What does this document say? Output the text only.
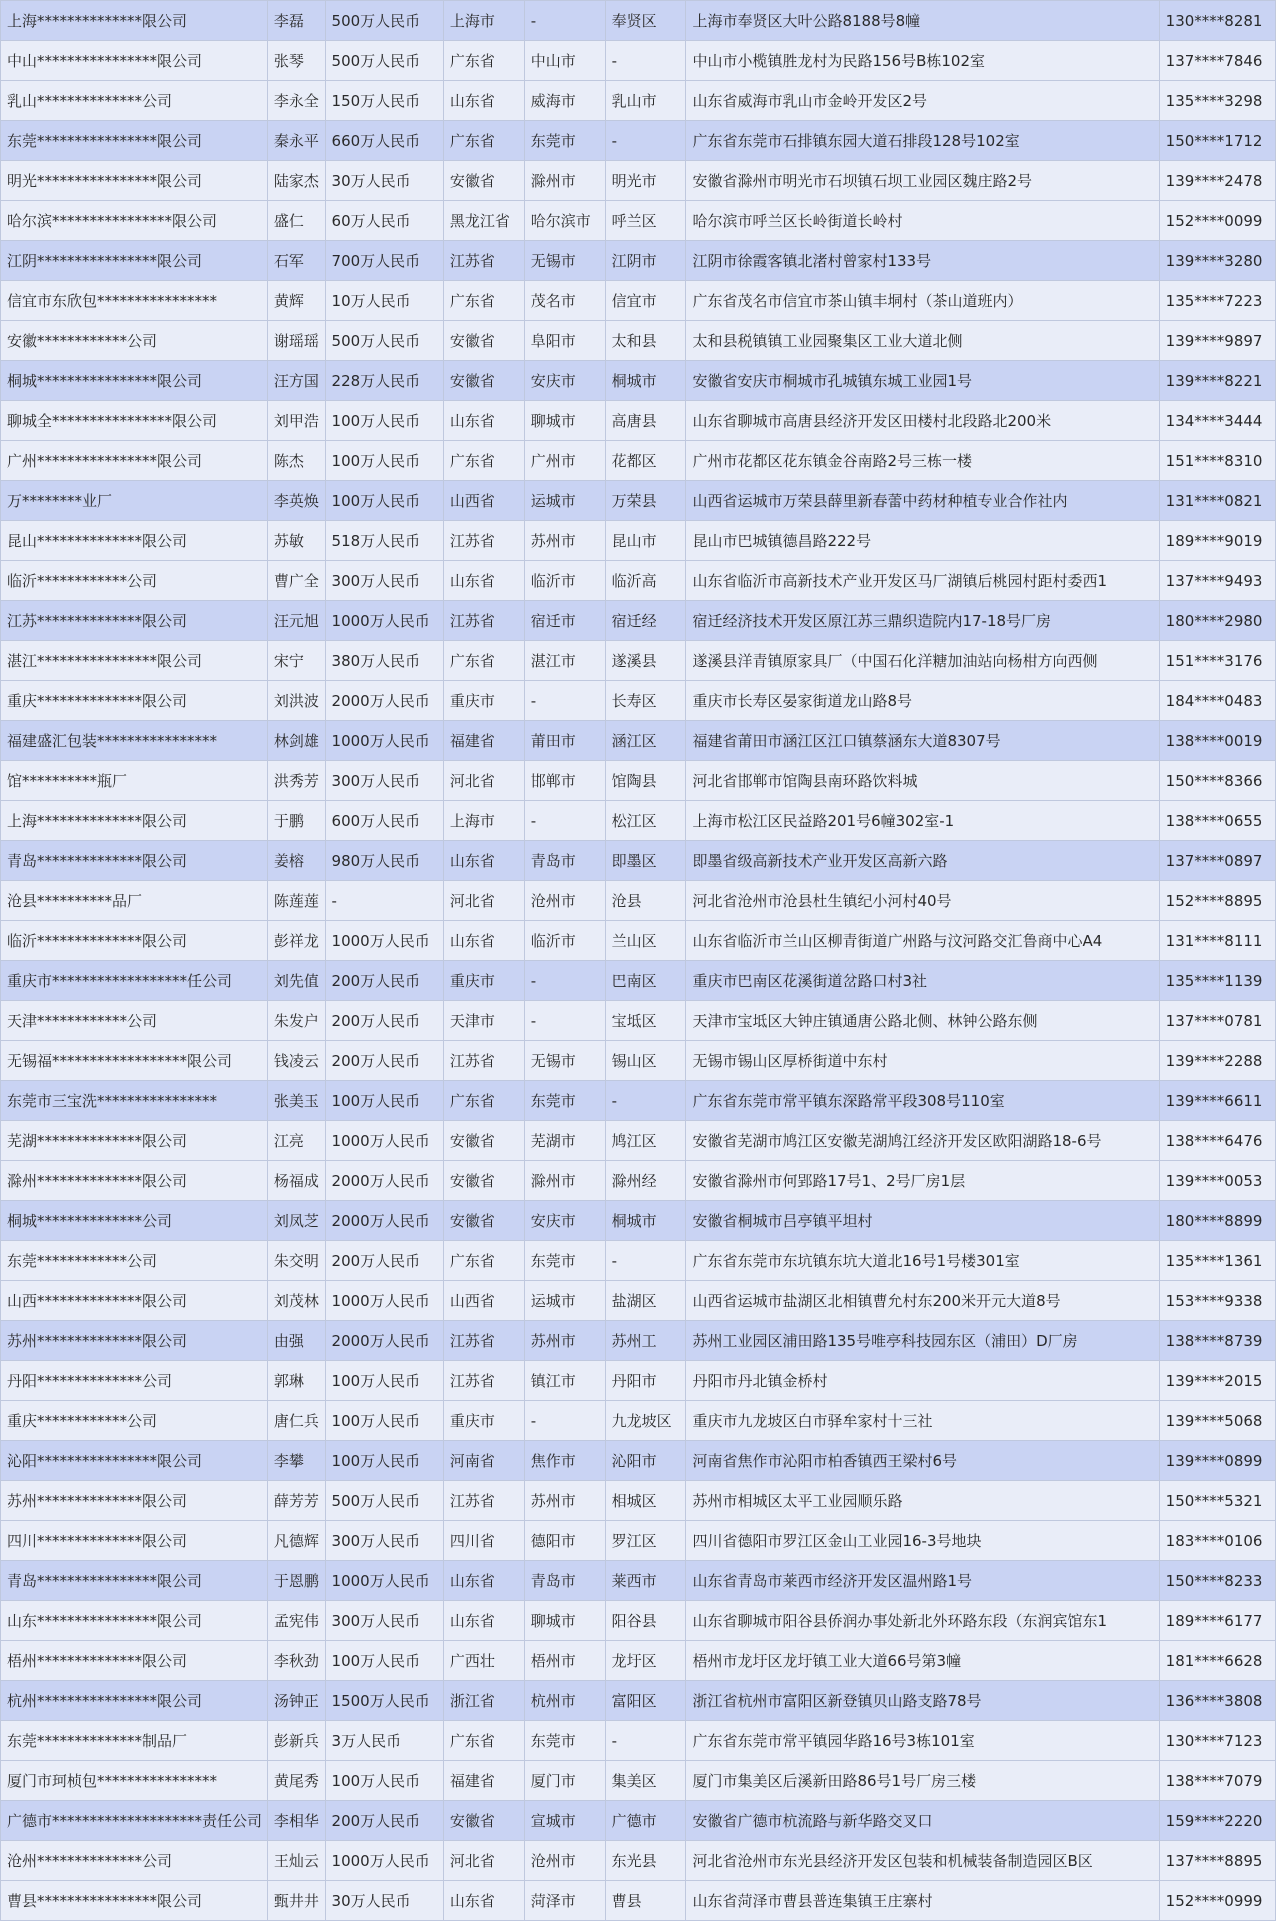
上海**************限公司	李磊	500万人民币	上海市	-	奉贤区	上海市奉贤区大叶公路8188号8幢	130****8281
中山****************限公司	张琴	500万人民币	广东省	中山市	-	中山市小榄镇胜龙村为民路156号B栋102室	137****7846
乳山**************公司	李永全	150万人民币	山东省	威海市	乳山市	山东省威海市乳山市金岭开发区2号	135****3298
东莞****************限公司	秦永平	660万人民币	广东省	东莞市	-	广东省东莞市石排镇东园大道石排段128号102室	150****1712
明光****************限公司	陆家杰	30万人民币	安徽省	滁州市	明光市	安徽省滁州市明光市石坝镇石坝工业园区魏庄路2号	139****2478
哈尔滨****************限公司	盛仁	60万人民币	黑龙江省	哈尔滨市	呼兰区	哈尔滨市呼兰区长岭街道长岭村	152****0099
江阴****************限公司	石军	700万人民币	江苏省	无锡市	江阴市	江阴市徐霞客镇北渚村曾家村133号	139****3280
信宜市东欣包****************	黄辉	10万人民币	广东省	茂名市	信宜市	广东省茂名市信宜市茶山镇丰垌村（茶山道班内）	135****7223
安徽************公司	谢瑶瑶	500万人民币	安徽省	阜阳市	太和县	太和县税镇镇工业园聚集区工业大道北侧	139****9897
桐城****************限公司	汪方国	228万人民币	安徽省	安庆市	桐城市	安徽省安庆市桐城市孔城镇东城工业园1号	139****8221
聊城全****************限公司	刘甲浩	100万人民币	山东省	聊城市	高唐县	山东省聊城市高唐县经济开发区田楼村北段路北200米	134****3444
广州****************限公司	陈杰	100万人民币	广东省	广州市	花都区	广州市花都区花东镇金谷南路2号三栋一楼	151****8310
万********业厂	李英焕	100万人民币	山西省	运城市	万荣县	山西省运城市万荣县薛里新春蕾中药材种植专业合作社内	131****0821
昆山**************限公司	苏敏	518万人民币	江苏省	苏州市	昆山市	昆山市巴城镇德昌路222号	189****9019
临沂************公司	曹广全	300万人民币	山东省	临沂市	临沂高	山东省临沂市高新技术产业开发区马厂湖镇后桃园村距村委西1	137****9493
江苏**************限公司	汪元旭	1000万人民币	江苏省	宿迁市	宿迁经	宿迁经济技术开发区原江苏三鼎织造院内17-18号厂房	180****2980
湛江****************限公司	宋宁	380万人民币	广东省	湛江市	遂溪县	遂溪县洋青镇原家具厂（中国石化洋糖加油站向杨柑方向西侧	151****3176
重庆**************限公司	刘洪波	2000万人民币	重庆市	-	长寿区	重庆市长寿区晏家街道龙山路8号	184****0483
福建盛汇包装****************	林剑雄	1000万人民币	福建省	莆田市	涵江区	福建省莆田市涵江区江口镇蔡涵东大道8307号	138****0019
馆**********瓶厂	洪秀芳	300万人民币	河北省	邯郸市	馆陶县	河北省邯郸市馆陶县南环路饮料城	150****8366
上海**************限公司	于鹏	600万人民币	上海市	-	松江区	上海市松江区民益路201号6幢302室-1	138****0655
青岛**************限公司	姜榕	980万人民币	山东省	青岛市	即墨区	即墨省级高新技术产业开发区高新六路	137****0897
沧县**********品厂	陈莲莲	-	河北省	沧州市	沧县	河北省沧州市沧县杜生镇纪小河村40号	152****8895
临沂**************限公司	彭祥龙	1000万人民币	山东省	临沂市	兰山区	山东省临沂市兰山区柳青街道广州路与汶河路交汇鲁商中心A4	131****8111
重庆市******************任公司	刘先值	200万人民币	重庆市	-	巴南区	重庆市巴南区花溪街道岔路口村3社	135****1139
天津************公司	朱发户	200万人民币	天津市	-	宝坻区	天津市宝坻区大钟庄镇通唐公路北侧、林钟公路东侧	137****0781
无锡福******************限公司	钱凌云	200万人民币	江苏省	无锡市	锡山区	无锡市锡山区厚桥街道中东村	139****2288
东莞市三宝洗****************	张美玉	100万人民币	广东省	东莞市	-	广东省东莞市常平镇东深路常平段308号110室	139****6611
芜湖**************限公司	江亮	1000万人民币	安徽省	芜湖市	鸠江区	安徽省芜湖市鸠江区安徽芜湖鸠江经济开发区欧阳湖路18-6号	138****6476
滁州**************限公司	杨福成	2000万人民币	安徽省	滁州市	滁州经	安徽省滁州市何郢路17号1、2号厂房1层	139****0053
桐城**************公司	刘凤芝	2000万人民币	安徽省	安庆市	桐城市	安徽省桐城市吕亭镇平坦村	180****8899
东莞************公司	朱交明	200万人民币	广东省	东莞市	-	广东省东莞市东坑镇东坑大道北16号1号楼301室	135****1361
山西**************限公司	刘茂林	1000万人民币	山西省	运城市	盐湖区	山西省运城市盐湖区北相镇曹允村东200米开元大道8号	153****9338
苏州**************限公司	由强	2000万人民币	江苏省	苏州市	苏州工	苏州工业园区浦田路135号唯亭科技园东区（浦田）D厂房	138****8739
丹阳**************公司	郭琳	100万人民币	江苏省	镇江市	丹阳市	丹阳市丹北镇金桥村	139****2015
重庆************公司	唐仁兵	100万人民币	重庆市	-	九龙坡区	重庆市九龙坡区白市驿牟家村十三社	139****5068
沁阳****************限公司	李攀	100万人民币	河南省	焦作市	沁阳市	河南省焦作市沁阳市柏香镇西王梁村6号	139****0899
苏州**************限公司	薛芳芳	500万人民币	江苏省	苏州市	相城区	苏州市相城区太平工业园顺乐路	150****5321
四川**************限公司	凡德辉	300万人民币	四川省	德阳市	罗江区	四川省德阳市罗江区金山工业园16-3号地块	183****0106
青岛****************限公司	于恩鹏	1000万人民币	山东省	青岛市	莱西市	山东省青岛市莱西市经济开发区温州路1号	150****8233
山东****************限公司	孟宪伟	300万人民币	山东省	聊城市	阳谷县	山东省聊城市阳谷县侨润办事处新北外环路东段（东润宾馆东1	189****6177
梧州**************限公司	李秋劲	100万人民币	广西壮	梧州市	龙圩区	梧州市龙圩区龙圩镇工业大道66号第3幢	181****6628
杭州****************限公司	汤钟正	1500万人民币	浙江省	杭州市	富阳区	浙江省杭州市富阳区新登镇贝山路支路78号	136****3808
东莞**************制品厂	彭新兵	3万人民币	广东省	东莞市	-	广东省东莞市常平镇园华路16号3栋101室	130****7123
厦门市珂桢包****************	黄尾秀	100万人民币	福建省	厦门市	集美区	厦门市集美区后溪新田路86号1号厂房三楼	138****7079
广德市********************责任公司	李相华	200万人民币	安徽省	宣城市	广德市	安徽省广德市杭流路与新华路交叉口	159****2220
沧州**************公司	王灿云	1000万人民币	河北省	沧州市	东光县	河北省沧州市东光县经济开发区包装和机械装备制造园区B区	137****8895
曹县****************限公司	甄井井	30万人民币	山东省	菏泽市	曹县	山东省菏泽市曹县普连集镇王庄寨村	152****0999
